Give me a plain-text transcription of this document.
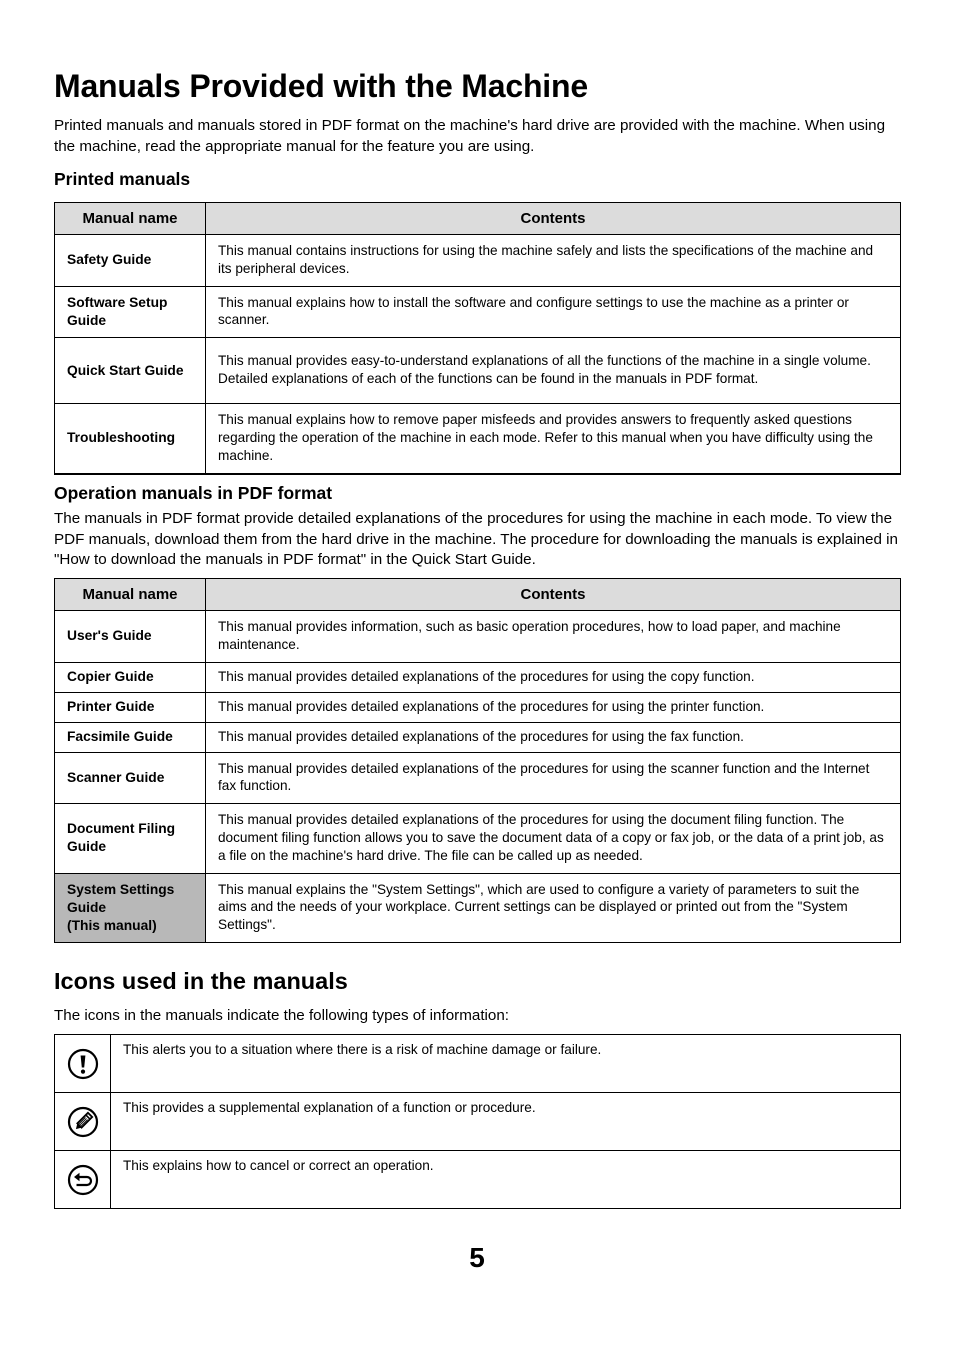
Manuals Provided with the Machine

Printed manuals and manuals stored in PDF format on the machine's hard drive are provided with the machine. When using the machine, read the appropriate manual for the feature you are using.

Printed manuals
Manual name	Contents
Safety Guide	This manual contains instructions for using the machine safely and lists the specifications of the machine and its peripheral devices.
Software Setup Guide	This manual explains how to install the software and configure settings to use the machine as a printer or scanner.
Quick Start Guide	This manual provides easy-to-understand explanations of all the functions of the machine in a single volume.
Detailed explanations of each of the functions can be found in the manuals in PDF format.

Troubleshooting	This manual explains how to remove paper misfeeds and provides answers to frequently asked questions regarding the operation of the machine in each mode. Refer to this manual when you have difficulty using the machine.
Operation manuals in PDF format

The manuals in PDF format provide detailed explanations of the procedures for using the machine in each mode. To view the PDF manuals, download them from the hard drive in the machine. The procedure for downloading the manuals is explained in "How to download the manuals in PDF format" in the Quick Start Guide.

Manual name	Contents
User's Guide	This manual provides information, such as basic operation procedures, how to load paper, and machine maintenance.
Copier Guide	This manual provides detailed explanations of the procedures for using the copy function.
Printer Guide	This manual provides detailed explanations of the procedures for using the printer function.
Facsimile Guide	This manual provides detailed explanations of the procedures for using the fax function.
Scanner Guide	This manual provides detailed explanations of the procedures for using the scanner function and the Internet fax function.
Document Filing Guide	This manual provides detailed explanations of the procedures for using the document filing function. The document filing function allows you to save the document data of a copy or fax job, or the data of a print job, as a file on the machine's hard drive. The file can be called up as needed.

System Settings Guide
(This manual)	This manual explains the "System Settings", which are used to configure a variety of parameters to suit the aims and the needs of your workplace. Current settings can be displayed or printed out from the "System Settings".
Icons used in the manuals

The icons in the manuals indicate the following types of information:

	This alerts you to a situation where there is a risk of machine damage or failure.

	This provides a supplemental explanation of a function or procedure.

	This explains how to cancel or correct an operation.
5
